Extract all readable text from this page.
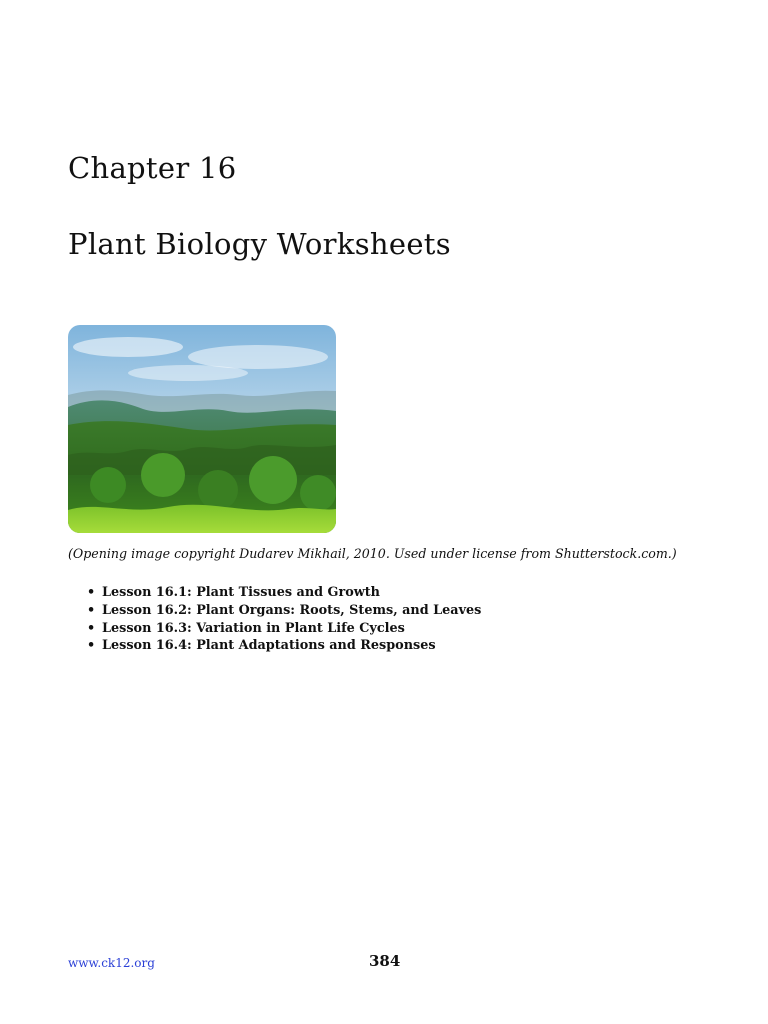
Chapter 16
Plant Biology Worksheets
(Opening image copyright Dudarev Mikhail, 2010. Used under license from Shutterstock.com.)
• Lesson 16.1: Plant Tissues and Growth
• Lesson 16.2: Plant Organs: Roots, Stems, and Leaves
• Lesson 16.3: Variation in Plant Life Cycles
• Lesson 16.4: Plant Adaptations and Responses
www.ck12.org	384
